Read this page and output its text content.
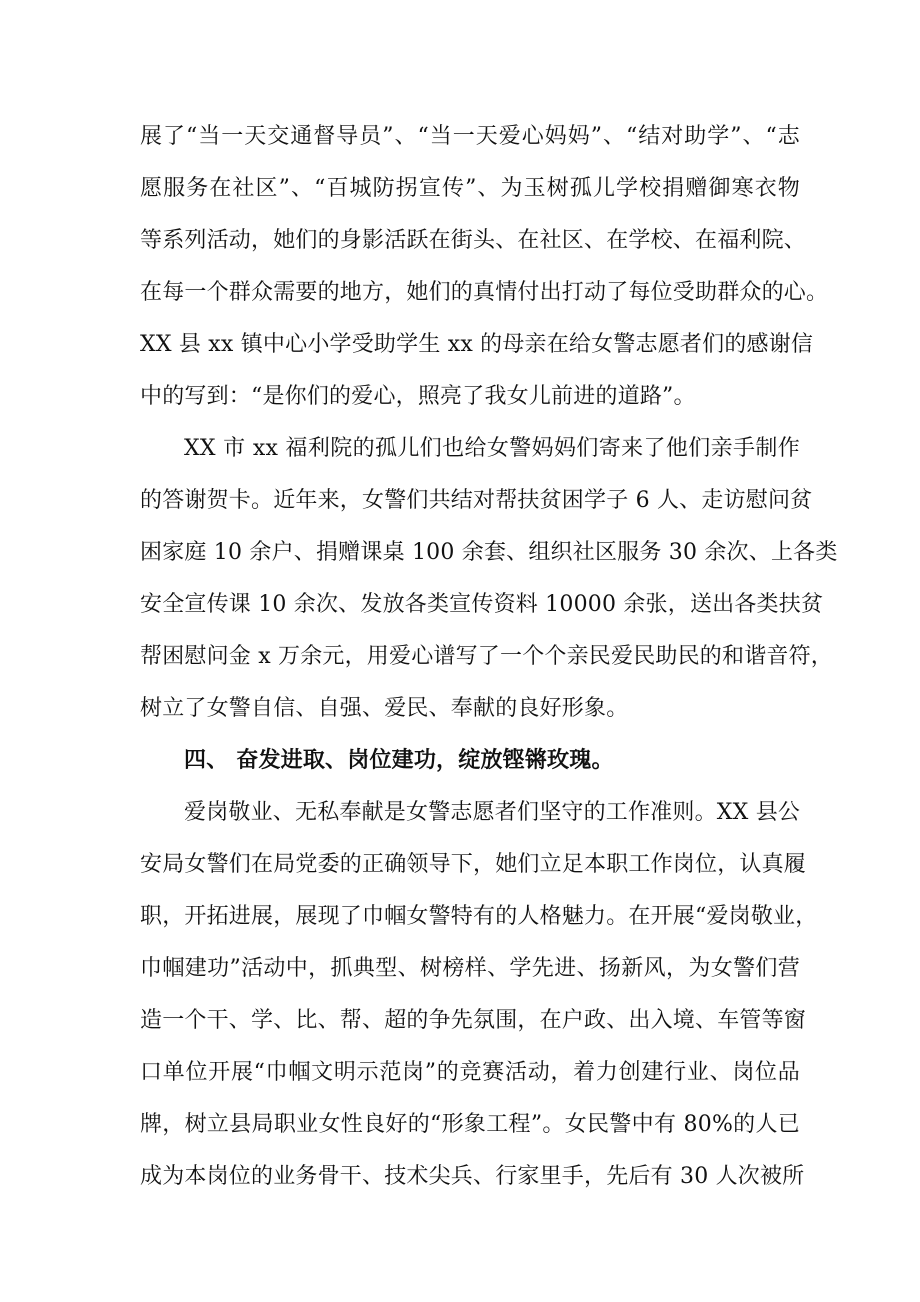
展了“当一天交通督导员”、“当一天爱心妈妈”、“结对助学”、“志
愿服务在社区”、“百城防拐宣传”、为玉树孤儿学校捐赠御寒衣物
等系列活动，她们的身影活跃在街头、在社区、在学校、在福利院、
在每一个群众需要的地方，她们的真情付出打动了每位受助群众的心。
XX 县 xx 镇中心小学受助学生 xx 的母亲在给女警志愿者们的感谢信
中的写到：“是你们的爱心，照亮了我女儿前进的道路”。
XX 市 xx 福利院的孤儿们也给女警妈妈们寄来了他们亲手制作
的答谢贺卡。近年来，女警们共结对帮扶贫困学子 6 人、走访慰问贫
困家庭 10 余户、捐赠课桌 100 余套、组织社区服务 30 余次、上各类
安全宣传课 10 余次、发放各类宣传资料 10000 余张，送出各类扶贫
帮困慰问金 x 万余元，用爱心谱写了一个个亲民爱民助民的和谐音符，
树立了女警自信、自强、爱民、奉献的良好形象。
四、 奋发进取、岗位建功，绽放铿锵玫瑰。
爱岗敬业、无私奉献是女警志愿者们坚守的工作准则。XX 县公
安局女警们在局党委的正确领导下，她们立足本职工作岗位，认真履
职，开拓进展，展现了巾帼女警特有的人格魅力。在开展“爱岗敬业，
巾帼建功”活动中，抓典型、树榜样、学先进、扬新风，为女警们营
造一个干、学、比、帮、超的争先氛围，在户政、出入境、车管等窗
口单位开展“巾帼文明示范岗”的竞赛活动，着力创建行业、岗位品
牌，树立县局职业女性良好的“形象工程”。女民警中有 80%的人已
成为本岗位的业务骨干、技术尖兵、行家里手，先后有 30 人次被所
